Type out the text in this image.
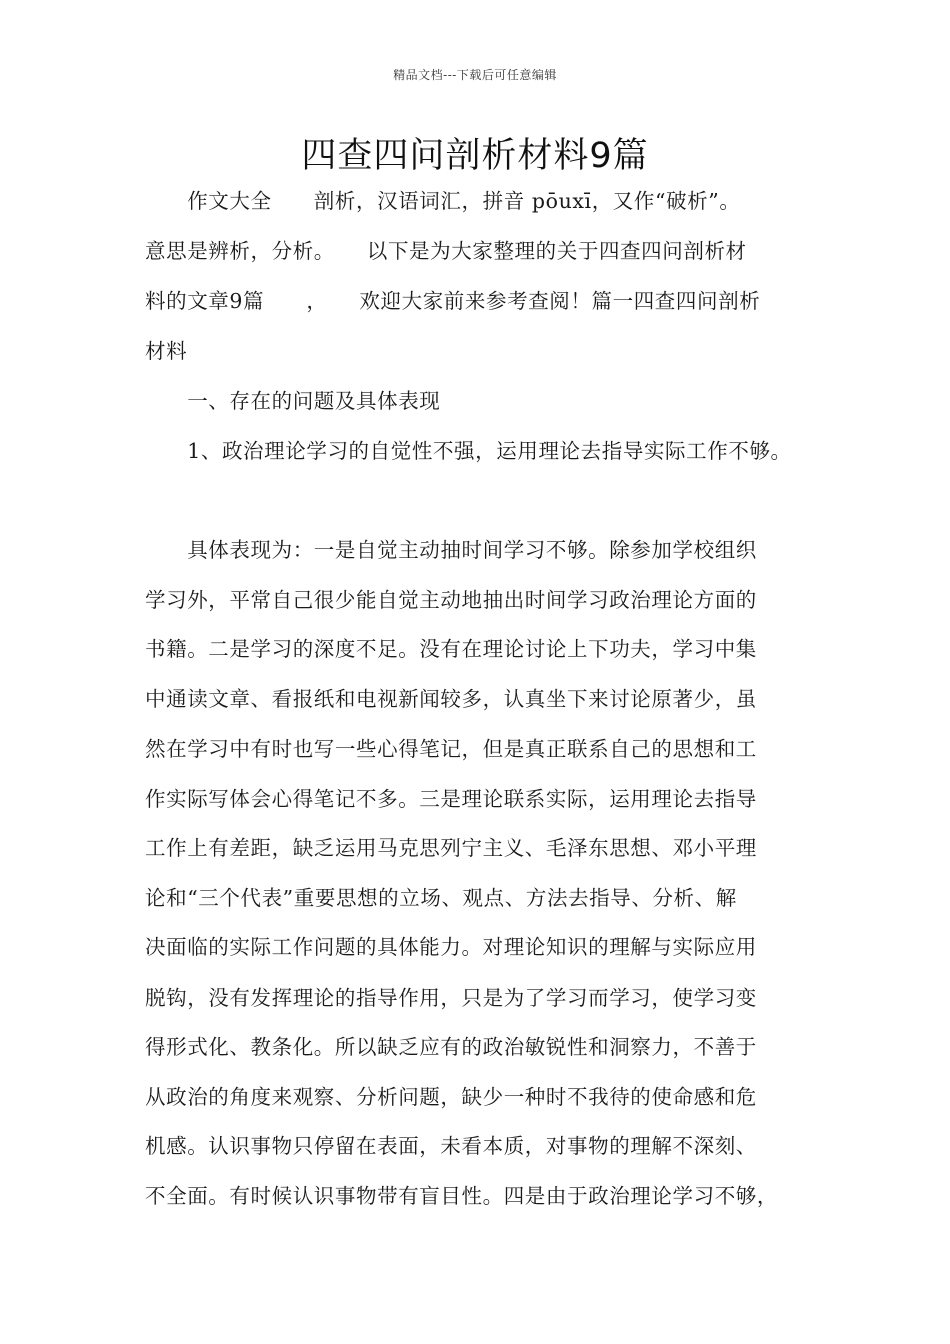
精品文档---下载后可任意编辑
四查四问剖析材料9篇
　　作文大全　　剖析，汉语词汇，拼音 pōuxī，又作“破析”。
意思是辨析，分析。　　以下是为大家整理的关于四查四问剖析材
料的文章9篇　　，　　欢迎大家前来参考查阅！篇一四查四问剖析
材料
　　一、存在的问题及具体表现
　　1、政治理论学习的自觉性不强，运用理论去指导实际工作不够。
　　具体表现为：一是自觉主动抽时间学习不够。除参加学校组织
学习外，平常自己很少能自觉主动地抽出时间学习政治理论方面的
书籍。二是学习的深度不足。没有在理论讨论上下功夫，学习中集
中通读文章、看报纸和电视新闻较多，认真坐下来讨论原著少，虽
然在学习中有时也写一些心得笔记，但是真正联系自己的思想和工
作实际写体会心得笔记不多。三是理论联系实际，运用理论去指导
工作上有差距，缺乏运用马克思列宁主义、毛泽东思想、邓小平理
论和“三个代表”重要思想的立场、观点、方法去指导、分析、解
决面临的实际工作问题的具体能力。对理论知识的理解与实际应用
脱钩，没有发挥理论的指导作用，只是为了学习而学习，使学习变
得形式化、教条化。所以缺乏应有的政治敏锐性和洞察力，不善于
从政治的角度来观察、分析问题，缺少一种时不我待的使命感和危
机感。认识事物只停留在表面，未看本质，对事物的理解不深刻、
不全面。有时候认识事物带有盲目性。四是由于政治理论学习不够，
